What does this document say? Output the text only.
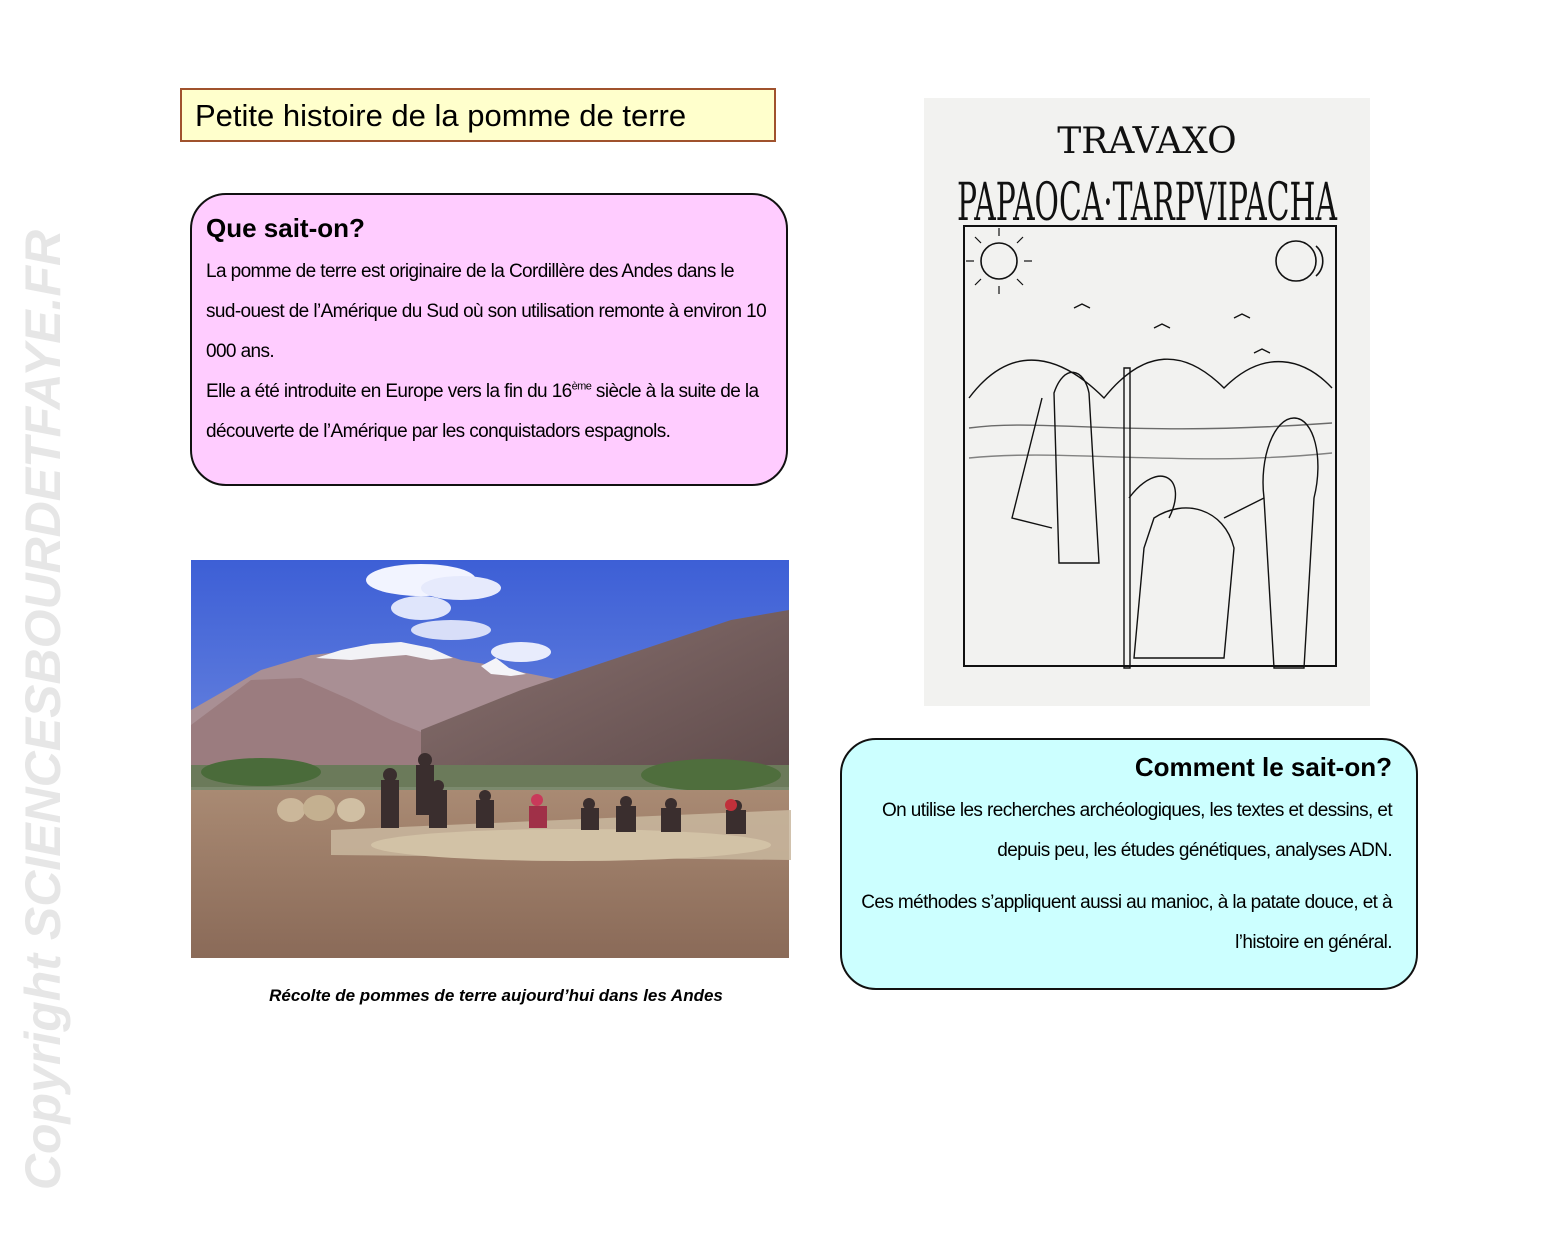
Copyright SCIENCESBOURDETFAYE.FR
Petite histoire de la pomme de terre
Que sait-on?

La pomme de terre est originaire de la Cordillère des Andes dans le sud-ouest de l’Amérique du Sud où son utilisation remonte à environ 10 000 ans.

Elle a été introduite en Europe vers la fin du 16ème siècle à la suite de la découverte de l’Amérique par les conquistadors espagnols.

Récolte de pommes de terre aujourd’hui dans les Andes
TRAVAXO
PAPAOCA·TARPVIPACHA
Comment le sait-on?

On utilise les recherches archéologiques, les textes et dessins, et depuis peu, les études génétiques, analyses ADN.

Ces méthodes s’appliquent aussi au manioc, à la patate douce, et à l’histoire en général.
